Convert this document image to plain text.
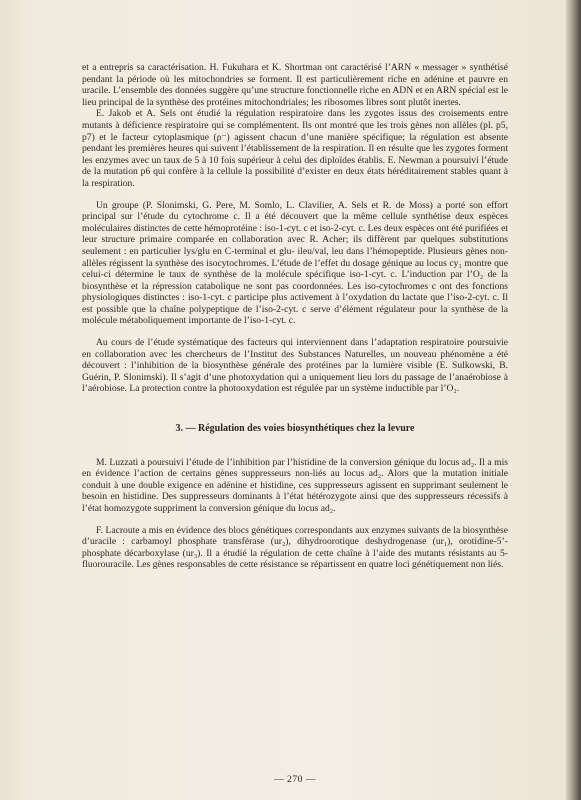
et a entrepris sa caractérisation. H. Fukuhara et K. Shortman ont caractérisé l’ARN « messager » synthétisé pendant la période où les mitochondries se forment. Il est particulièrement riche en adénine et pauvre en uracile. L’ensemble des données suggère qu’une structure fonctionnelle riche en ADN et en ARN spécial est le lieu principal de la synthèse des protéines mitochondriales; les ribosomes libres sont plutôt inertes.

E. Jakob et A. Sels ont étudié la régulation respiratoire dans les zygotes issus des croisements entre mutants à déficience respiratoire qui se complémentent. Ils ont montré que les trois gènes non allèles (pl. p5, p7) et le facteur cytoplasmique (ρ⁻) agissent chacun d’une manière spécifique; la régulation est absente pendant les premières heures qui suivent l’établissement de la respiration. Il en résulte que les zygotes forment les enzymes avec un taux de 5 à 10 fois supérieur à celui des diploïdes établis. E. Newman a poursuivi l’étude de la mutation p6 qui confère à la cellule la possibilité d’exister en deux états héréditairement stables quant à la respiration.

Un groupe (P. Slonimski, G. Pere, M. Somlo, L. Clavilier, A. Sels et R. de Moss) a porté son effort principal sur l’étude du cytochrome c. Il a été découvert que la même cellule synthétise deux espèces moléculaires distinctes de cette hémoprotéine : iso-1-cyt. c et iso-2-cyt. c. Les deux espèces ont été purifiées et leur structure primaire comparée en collaboration avec R. Acher; ils diffèrent par quelques substitutions seulement : en particulier lys/glu en C-terminal et glu- ileu/val, leu dans l’hémopeptide. Plusieurs gènes non-allèles régissent la synthèse des isocytochromes. L’étude de l’effet du dosage génique au locus cy₁ montre que celui-ci détermine le taux de synthèse de la molécule spécifique iso-1-cyt. c. L’induction par l’O₂ de la biosynthèse et la répression catabolique ne sont pas coordonnées. Les iso-cytochromes c ont des fonctions physiologiques distinctes : iso-1-cyt. c participe plus activement à l’oxydation du lactate que l’iso-2-cyt. c. Il est possible que la chaîne polypeptique de l’iso-2-cyt. c serve d’élément régulateur pour la synthèse de la molécule métaboliquement importante de l’iso-1-cyt. c.

Au cours de l’étude systématique des facteurs qui interviennent dans l’adaptation respiratoire poursuivie en collaboration avec les chercheurs de l’Institut des Substances Naturelles, un nouveau phénomène a été découvert : l’inhibition de la biosynthèse générale des protéines par la lumière visible (E. Sulkowski, B. Guérin, P. Slonimski). Il s’agit d’une photoxydation qui a uniquement lieu lors du passage de l’anaérobiose à l’aérobiose. La protection contre la photooxydation est régulée par un système inductible par l’O₂.

3. — Régulation des voies biosynthétiques chez la levure

M. Luzzati a poursuivi l’étude de l’inhibition par l’histidine de la conversion génique du locus ad₂. Il a mis en évidence l’action de certains gènes suppresseurs non-liés au locus ad₂. Alors que la mutation initiale conduit à une double exigence en adénine et histidine, ces suppresseurs agissent en supprimant seulement le besoin en histidine. Des suppresseurs dominants à l’état hétérozygote ainsi que des suppresseurs récessifs à l’état homozygote suppriment la conversion génique du locus ad₂.

F. Lacroute a mis en évidence des blocs génétiques correspondants aux enzymes suivants de la biosynthèse d’uracile : carbamoyl phosphate transférase (ur₂), dihydroorotique deshydrogenase (ur₁), orotidine-5’-phosphate décarboxylase (ur₃). Il a étudié la régulation de cette chaîne à l’aide des mutants résistants au 5-fluorouracile. Les gènes responsables de cette résistance se répartissent en quatre loci génétiquement non liés.

— 270 —
